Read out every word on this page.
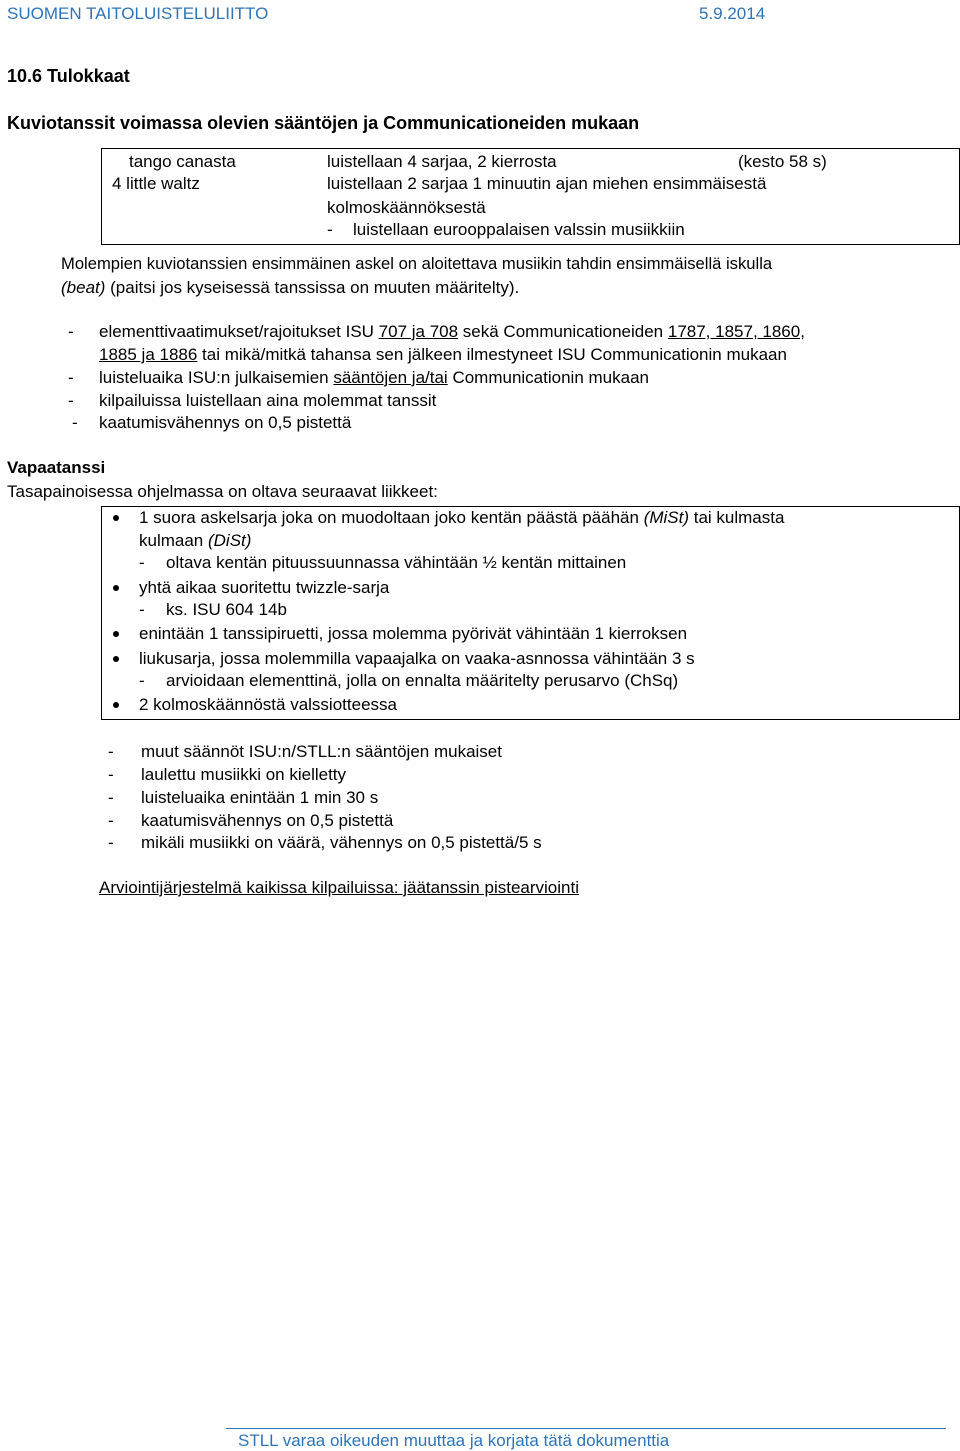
SUOMEN TAITOLUISTELULIITTO	5.9.2014
10.6 Tulokkaat
Kuviotanssit voimassa olevien sääntöjen ja Communicationeiden mukaan
tango canasta	luistellaan 4 sarjaa, 2 kierrosta	(kesto 58 s)
4 little waltz	luistellaan 2 sarjaa 1 minuutin ajan miehen ensimmäisestä
kolmoskäännöksestä
- luistellaan eurooppalaisen valssin musiikkiin
Molempien kuviotanssien ensimmäinen askel on aloitettava musiikin tahdin ensimmäisellä iskulla
(beat) (paitsi jos kyseisessä tanssissa on muuten määritelty).
- elementtivaatimukset/rajoitukset ISU 707 ja 708 sekä Communicationeiden 1787, 1857, 1860,
1885 ja 1886 tai mikä/mitkä tahansa sen jälkeen ilmestyneet ISU Communicationin mukaan
- luisteluaika ISU:n julkaisemien sääntöjen ja/tai Communicationin mukaan
- kilpailuissa luistellaan aina molemmat tanssit
- kaatumisvähennys on 0,5 pistettä
Vapaatanssi
Tasapainoisessa ohjelmassa on oltava seuraavat liikkeet:
1 suora askelsarja joka on muodoltaan joko kentän päästä päähän (MiSt) tai kulmasta
kulmaan (DiSt)
- oltava kentän pituussuunnassa vähintään ½ kentän mittainen
yhtä aikaa suoritettu twizzle-sarja
- ks. ISU 604 14b
enintään 1 tanssipiruetti, jossa molemma pyörivät vähintään 1 kierroksen
liukusarja, jossa molemmilla vapaajalka on vaaka-asnnossa vähintään 3 s
- arvioidaan elementtinä, jolla on ennalta määritelty perusarvo (ChSq)
2 kolmoskäännöstä valssiotteessa
- muut säännöt ISU:n/STLL:n sääntöjen mukaiset
- laulettu musiikki on kielletty
- luisteluaika enintään 1 min 30 s
- kaatumisvähennys on 0,5 pistettä
- mikäli musiikki on väärä, vähennys on 0,5 pistettä/5 s
Arviointijärjestelmä kaikissa kilpailuissa: jäätanssin pistearviointi
STLL varaa oikeuden muuttaa ja korjata tätä dokumenttia
